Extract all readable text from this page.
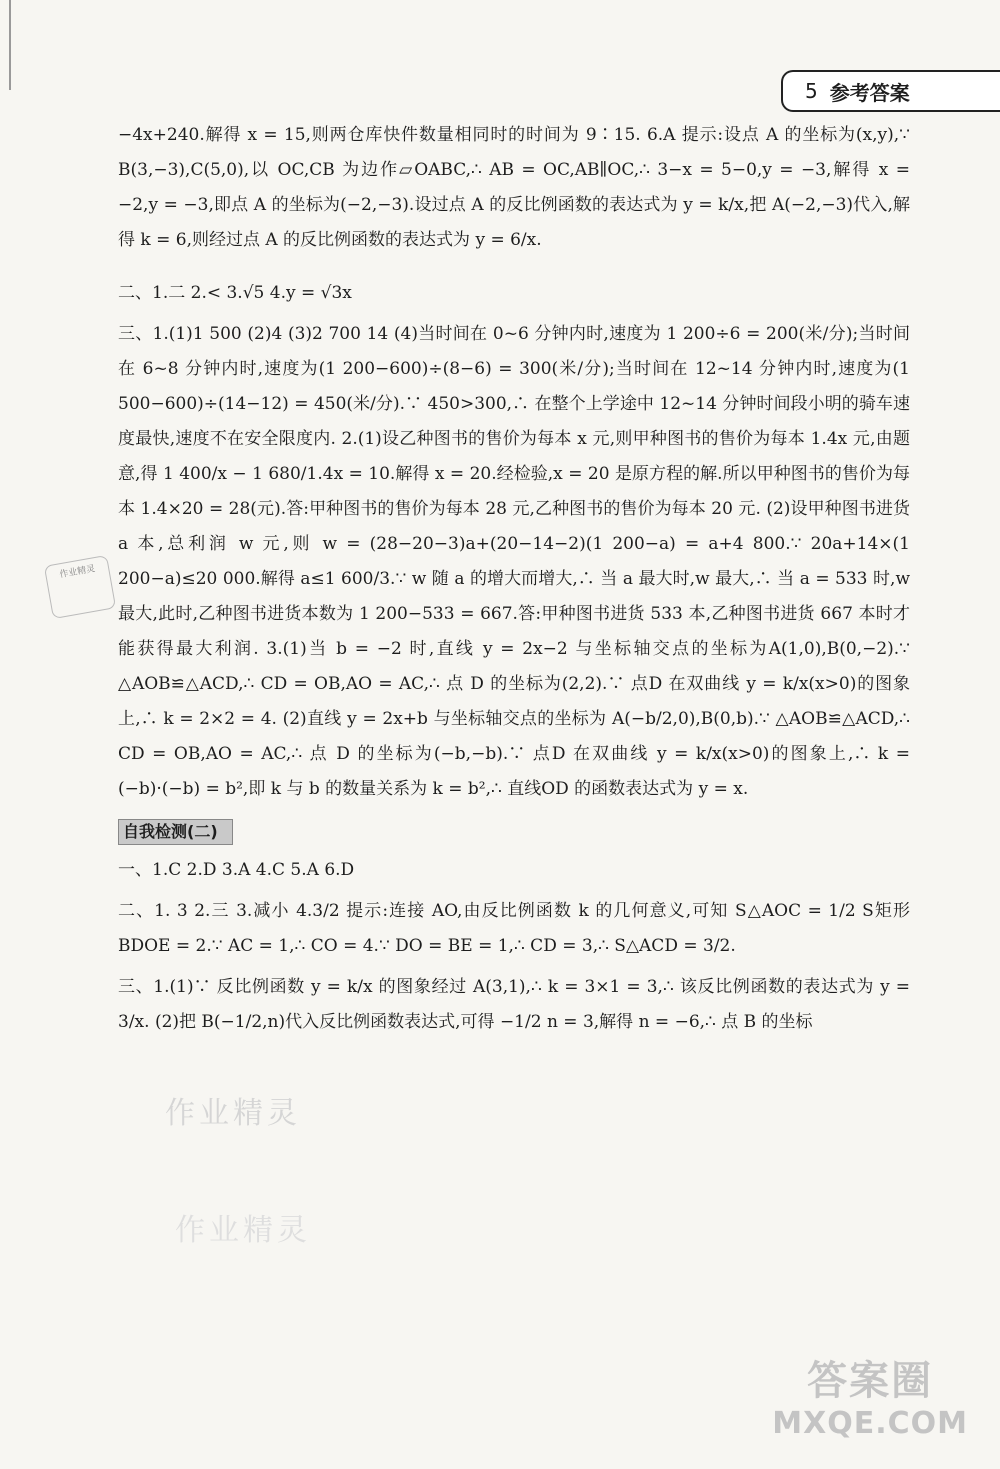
5 参考答案
作业精灵

−4x+240.解得 x = 15,则两仓库快件数量相同时的时间为 9∶15. 6.A 提示:设点 A 的坐标为(x,y),∵ B(3,−3),C(5,0),以 OC,CB 为边作▱OABC,∴ AB = OC,AB∥OC,∴ 3−x = 5−0,y = −3,解得 x = −2,y = −3,即点 A 的坐标为(−2,−3).设过点 A 的反比例函数的表达式为 y = k/x,把 A(−2,−3)代入,解得 k = 6,则经过点 A 的反比例函数的表达式为 y = 6/x.

二、1.二 2.< 3.√5 4.y = √3x

三、1.(1)1 500 (2)4 (3)2 700 14 (4)当时间在 0~6 分钟内时,速度为 1 200÷6 = 200(米/分);当时间在 6~8 分钟内时,速度为(1 200−600)÷(8−6) = 300(米/分);当时间在 12~14 分钟内时,速度为(1 500−600)÷(14−12) = 450(米/分).∵ 450>300,∴ 在整个上学途中 12~14 分钟时间段小明的骑车速度最快,速度不在安全限度内. 2.(1)设乙种图书的售价为每本 x 元,则甲种图书的售价为每本 1.4x 元,由题意,得 1 400/x − 1 680/1.4x = 10.解得 x = 20.经检验,x = 20 是原方程的解.所以甲种图书的售价为每本 1.4×20 = 28(元).答:甲种图书的售价为每本 28 元,乙种图书的售价为每本 20 元. (2)设甲种图书进货 a 本,总利润 w 元,则 w = (28−20−3)a+(20−14−2)(1 200−a) = a+4 800.∵ 20a+14×(1 200−a)≤20 000.解得 a≤1 600/3.∵ w 随 a 的增大而增大,∴ 当 a 最大时,w 最大,∴ 当 a = 533 时,w 最大,此时,乙种图书进货本数为 1 200−533 = 667.答:甲种图书进货 533 本,乙种图书进货 667 本时才能获得最大利润. 3.(1)当 b = −2 时,直线 y = 2x−2 与坐标轴交点的坐标为A(1,0),B(0,−2).∵ △AOB≌△ACD,∴ CD = OB,AO = AC,∴ 点 D 的坐标为(2,2).∵ 点D 在双曲线 y = k/x(x>0)的图象上,∴ k = 2×2 = 4. (2)直线 y = 2x+b 与坐标轴交点的坐标为 A(−b/2,0),B(0,b).∵ △AOB≌△ACD,∴ CD = OB,AO = AC,∴ 点 D 的坐标为(−b,−b).∵ 点D 在双曲线 y = k/x(x>0)的图象上,∴ k = (−b)·(−b) = b²,即 k 与 b 的数量关系为 k = b²,∴ 直线OD 的函数表达式为 y = x.

自我检测(二)

一、1.C 2.D 3.A 4.C 5.A 6.D

二、1. 3 2.三 3.减小 4.3/2 提示:连接 AO,由反比例函数 k 的几何意义,可知 S△AOC = 1/2 S矩形BDOE = 2.∵ AC = 1,∴ CO = 4.∵ DO = BE = 1,∴ CD = 3,∴ S△ACD = 3/2.

三、1.(1)∵ 反比例函数 y = k/x 的图象经过 A(3,1),∴ k = 3×1 = 3,∴ 该反比例函数的表达式为 y = 3/x. (2)把 B(−1/2,n)代入反比例函数表达式,可得 −1/2 n = 3,解得 n = −6,∴ 点 B 的坐标

作业精灵
作业精灵
答案圈
MXQE.COM
